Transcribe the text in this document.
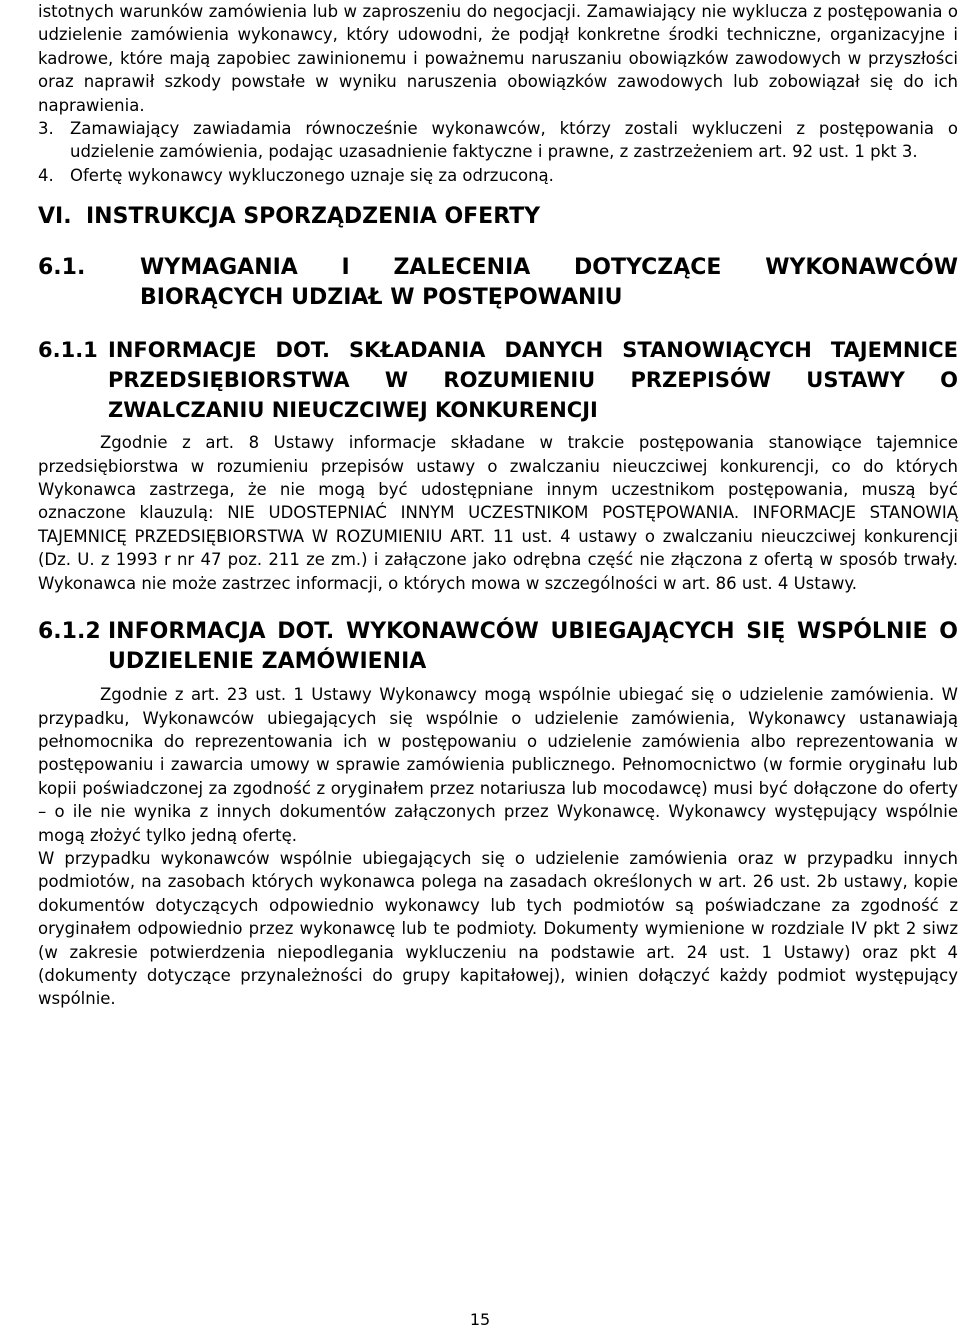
istotnych warunków zamówienia lub w zaproszeniu do negocjacji. Zamawiający nie wyklucza z postępowania o udzielenie zamówienia wykonawcy, który udowodni, że podjął konkretne środki techniczne, organizacyjne i kadrowe, które mają zapobiec zawinionemu i poważnemu naruszaniu obowiązków zawodowych w przyszłości oraz naprawił szkody powstałe w wyniku naruszenia obowiązków zawodowych lub zobowiązał się do ich naprawienia.

3. Zamawiający zawiadamia równocześnie wykonawców, którzy zostali wykluczeni z postępowania o udzielenie zamówienia, podając uzasadnienie faktyczne i prawne, z zastrzeżeniem art. 92 ust. 1 pkt 3.
4. Ofertę wykonawcy wykluczonego uznaje się za odrzuconą.
VI. INSTRUKCJA SPORZĄDZENIA OFERTY
6.1.	WYMAGANIA I ZALECENIA DOTYCZĄCE WYKONAWCÓW BIORĄCYCH UDZIAŁ W POSTĘPOWANIU
6.1.1 INFORMACJE DOT. SKŁADANIA DANYCH STANOWIĄCYCH TAJEMNICE PRZEDSIĘBIORSTWA W ROZUMIENIU PRZEPISÓW USTAWY O ZWALCZANIU NIEUCZCIWEJ KONKURENCJI

Zgodnie z art. 8 Ustawy informacje składane w trakcie postępowania stanowiące tajemnice przedsiębiorstwa w rozumieniu przepisów ustawy o zwalczaniu nieuczciwej konkurencji, co do których Wykonawca zastrzega, że nie mogą być udostępniane innym uczestnikom postępowania, muszą być oznaczone klauzulą: NIE UDOSTEPNIAĆ INNYM UCZESTNIKOM POSTĘPOWANIA. INFORMACJE STANOWIĄ TAJEMNICĘ PRZEDSIĘBIORSTWA W ROZUMIENIU ART. 11 ust. 4 ustawy o zwalczaniu nieuczciwej konkurencji (Dz. U. z 1993 r nr 47 poz. 211 ze zm.) i załączone jako odrębna część nie złączona z ofertą w sposób trwały. Wykonawca nie może zastrzec informacji, o których mowa w szczególności w art. 86 ust. 4 Ustawy.

6.1.2 INFORMACJA DOT. WYKONAWCÓW UBIEGAJĄCYCH SIĘ WSPÓLNIE O UDZIELENIE ZAMÓWIENIA

Zgodnie z art. 23 ust. 1 Ustawy Wykonawcy mogą wspólnie ubiegać się o udzielenie zamówienia. W przypadku, Wykonawców ubiegających się wspólnie o udzielenie zamówienia, Wykonawcy ustanawiają pełnomocnika do reprezentowania ich w postępowaniu o udzielenie zamówienia albo reprezentowania w postępowaniu i zawarcia umowy w sprawie zamówienia publicznego. Pełnomocnictwo (w formie oryginału lub kopii poświadczonej za zgodność z oryginałem przez notariusza lub mocodawcę) musi być dołączone do oferty – o ile nie wynika z innych dokumentów załączonych przez Wykonawcę. Wykonawcy występujący wspólnie mogą złożyć tylko jedną ofertę.

W przypadku wykonawców wspólnie ubiegających się o udzielenie zamówienia oraz w przypadku innych podmiotów, na zasobach których wykonawca polega na zasadach określonych w art. 26 ust. 2b ustawy, kopie dokumentów dotyczących odpowiednio wykonawcy lub tych podmiotów są poświadczane za zgodność z oryginałem odpowiednio przez wykonawcę lub te podmioty. Dokumenty wymienione w rozdziale IV pkt 2 siwz (w zakresie potwierdzenia niepodlegania wykluczeniu na podstawie art. 24 ust. 1 Ustawy) oraz pkt 4 (dokumenty dotyczące przynależności do grupy kapitałowej), winien dołączyć każdy podmiot występujący wspólnie.

15
